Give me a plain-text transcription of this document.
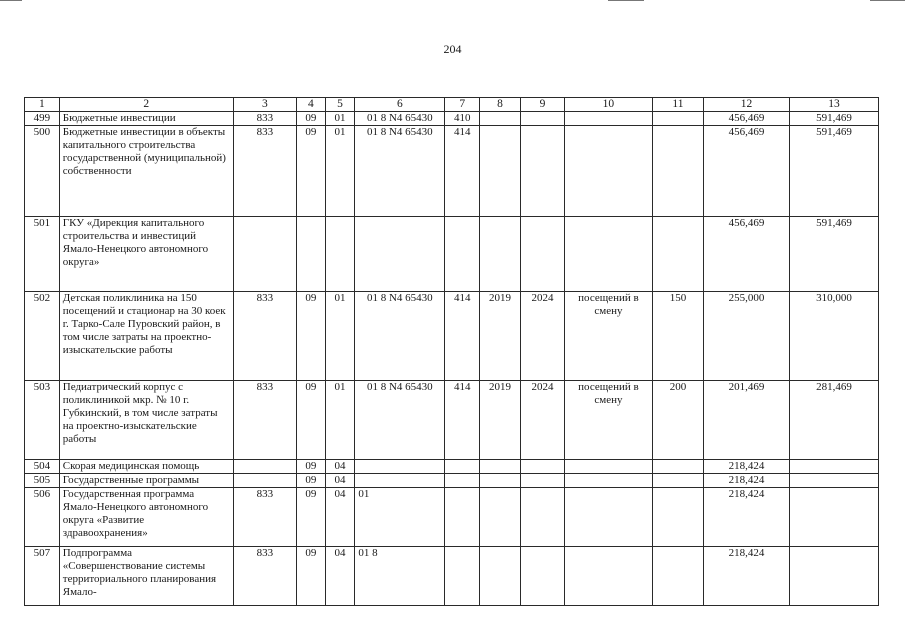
204
1	2	3	4	5	6	7	8	9	10	11	12	13
499	Бюджетные инвестиции	833	09	01	01 8 N4 65430	410					456,469	591,469
500	Бюджетные инвестиции в объекты капитального строительства государственной (муниципальной) собственности	833	09	01	01 8 N4 65430	414					456,469	591,469
501	ГКУ «Дирекция капитального строительства и инвестиций Ямало-Ненецкого автономного округа»										456,469	591,469
502	Детская поликлиника на 150 посещений и стационар на 30 коек г. Тарко-Сале Пуровский район, в том числе затраты на проектно-изыскательские работы	833	09	01	01 8 N4 65430	414	2019	2024	посещений в смену	150	255,000	310,000
503	Педиатрический корпус с поликлиникой мкр. № 10 г. Губкинский, в том числе затраты на проектно-изыскательские работы	833	09	01	01 8 N4 65430	414	2019	2024	посещений в смену	200	201,469	281,469
504	Скорая медицинская помощь		09	04							218,424	
505	Государственные программы		09	04							218,424	
506	Государственная программа Ямало-Ненецкого автономного округа «Развитие здравоохранения»	833	09	04	01						218,424	
507	Подпрограмма «Совершенствование системы территориального планирования Ямало-	833	09	04	01 8						218,424	
